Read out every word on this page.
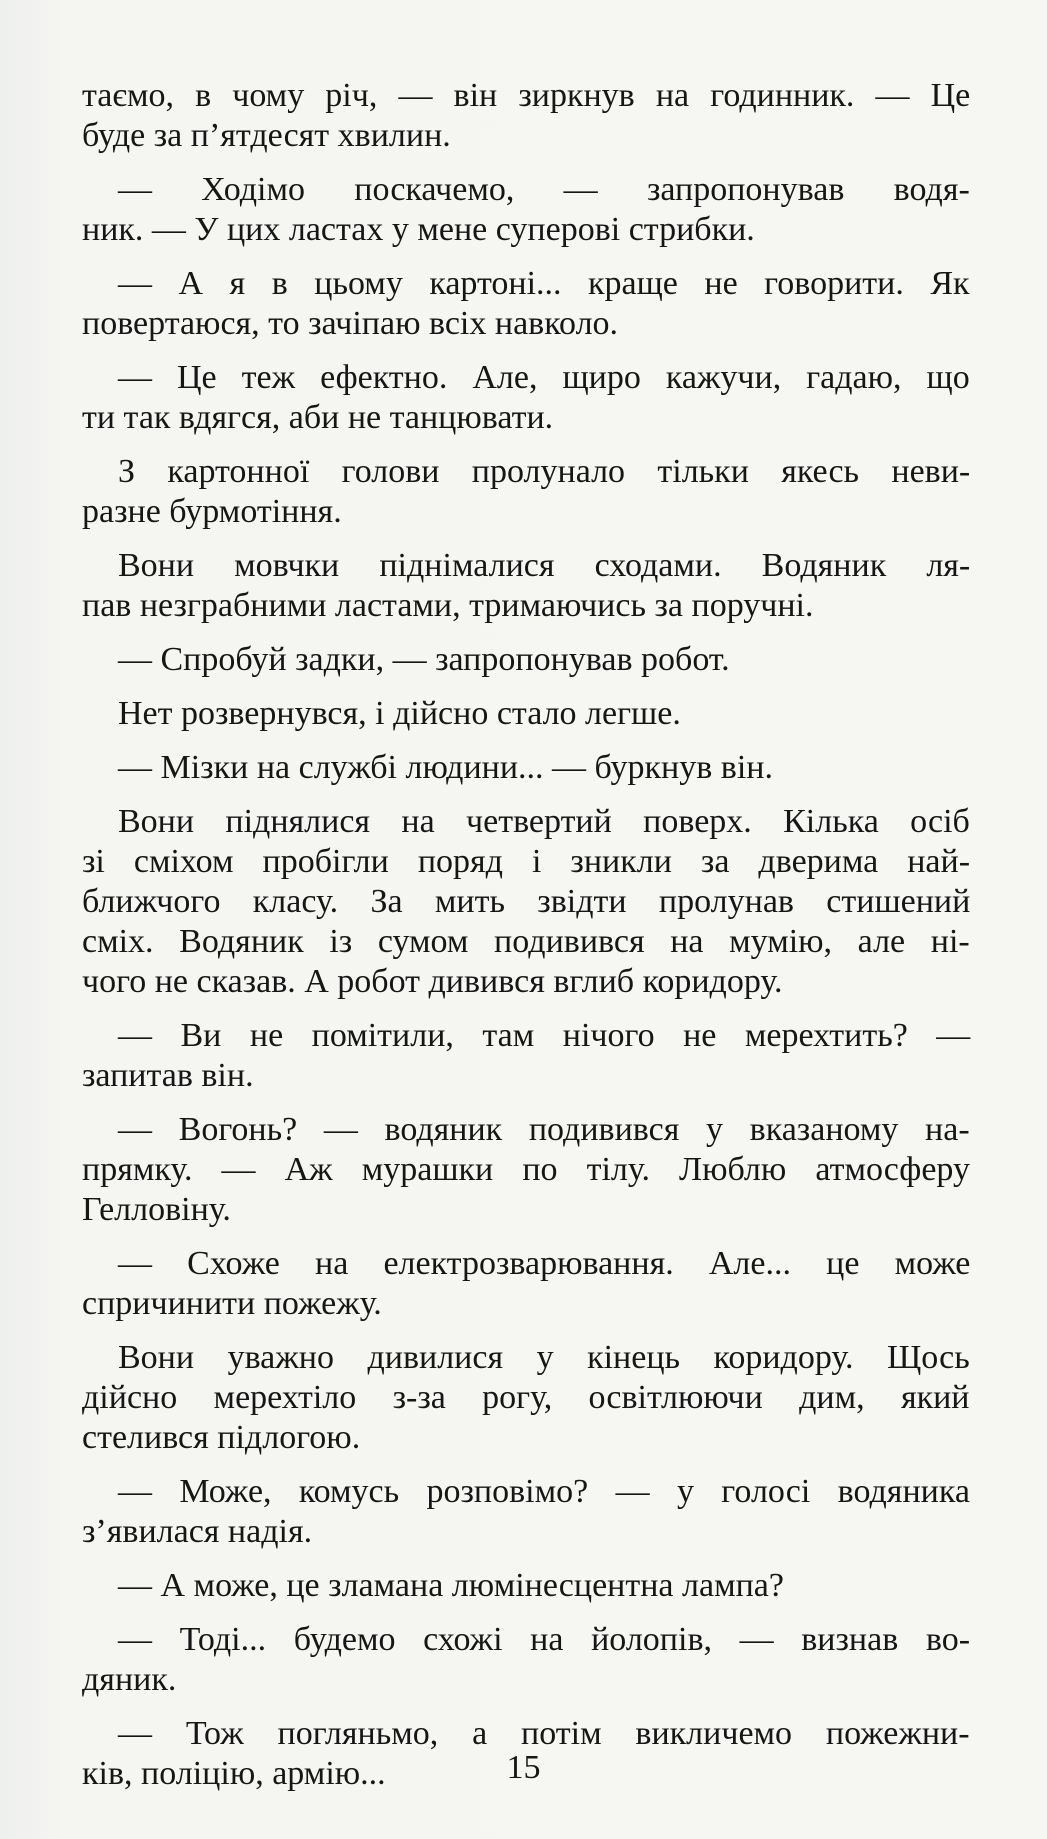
таємо, в чому річ, — він зиркнув на годинник. — Це
буде за п’ятдесят хвилин.
— Ходімо поскачемо, — запропонував водя-
ник. — У цих ластах у мене суперові стрибки.
— А я в цьому картоні... краще не говорити. Як
повертаюся, то зачіпаю всіх навколо.
— Це теж ефектно. Але, щиро кажучи, гадаю, що
ти так вдягся, аби не танцювати.
З картонної голови пролунало тільки якесь неви-
разне бурмотіння.
Вони мовчки піднімалися сходами. Водяник ля-
пав незграбними ластами, тримаючись за поручні.
— Спробуй задки, — запропонував робот.
Нет розвернувся, і дійсно стало легше.
— Мізки на службі людини... — буркнув він.
Вони піднялися на четвертий поверх. Кілька осіб
зі сміхом пробігли поряд і зникли за дверима най-
ближчого класу. За мить звідти пролунав стишений
сміх. Водяник із сумом подивився на мумію, але ні-
чого не сказав. А робот дивився вглиб коридору.
— Ви не помітили, там нічого не мерехтить? —
запитав він.
— Вогонь? — водяник подивився у вказаному на-
прямку. — Аж мурашки по тілу. Люблю атмосферу
Гелловіну.
— Схоже на електрозварювання. Але... це може
спричинити пожежу.
Вони уважно дивилися у кінець коридору. Щось
дійсно мерехтіло з-за рогу, освітлюючи дим, який
стелився підлогою.
— Може, комусь розповімо? — у голосі водяника
з’явилася надія.
— А може, це зламана люмінесцентна лампа?
— Тоді... будемо схожі на йолопів, — визнав во-
дяник.
— Тож погляньмо, а потім викличемо пожежни-
ків, поліцію, армію...	15
